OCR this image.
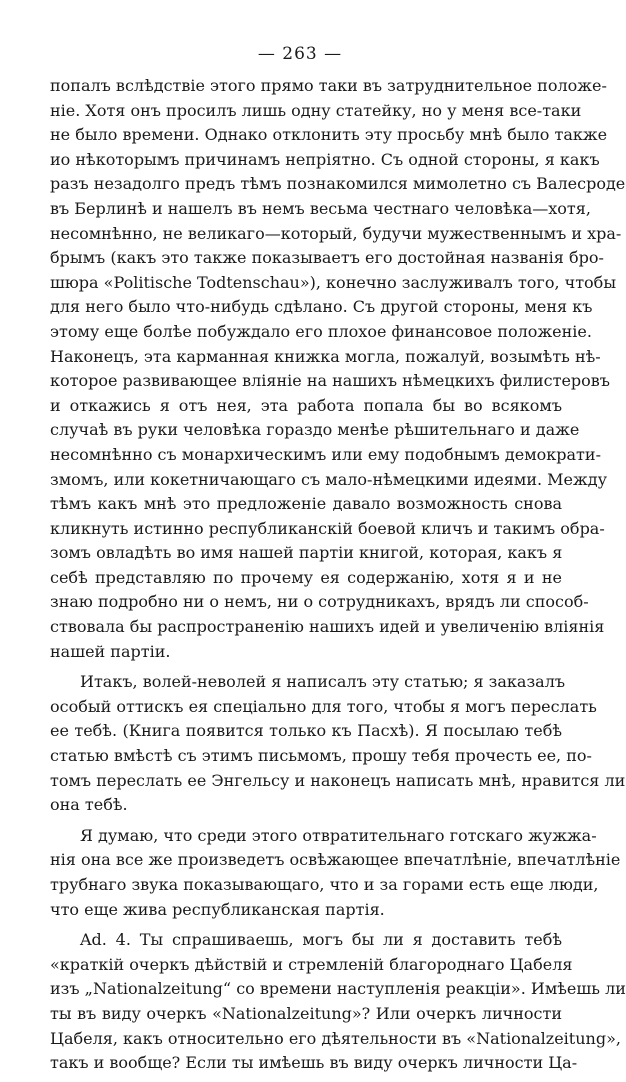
— 263 —
попалъ вслѣдствіе этого прямо таки въ затруднительное положе-
ніе. Хотя онъ просилъ лишь одну статейку, но у меня все-таки
не было времени. Однако отклонить эту просьбу мнѣ было также
ио нѣкоторымъ причинамъ непріятно. Съ одной стороны, я какъ
разъ незадолго предъ тѣмъ познакомился мимолетно съ Валесроде
въ Берлинѣ и нашелъ въ немъ весьма честнаго человѣка—хотя,
несомнѣнно, не великаго—который, будучи мужественнымъ и хра-
брымъ (какъ это также показываетъ его достойная названія бро-
шюра «Politische Todtenschau»), конечно заслуживалъ того, чтобы
для него было что-нибудь сдѣлано. Съ другой стороны, меня къ
этому еще болѣе побуждало его плохое финансовое положеніе.
Наконецъ, эта карманная книжка могла, пожалуй, возымѣть нѣ-
которое развивающее вліяніе на нашихъ нѣмецкихъ филистеровъ
и откажись я отъ нея, эта работа попала бы во всякомъ
случаѣ въ руки человѣка гораздо менѣе рѣшительнаго и даже
несомнѣнно съ монархическимъ или ему подобнымъ демократи-
змомъ, или кокетничающаго съ мало-нѣмецкими идеями. Между
тѣмъ какъ мнѣ это предложеніе давало возможность снова
кликнуть истинно республиканскій боевой кличъ и такимъ обра-
зомъ овладѣть во имя нашей партіи книгой, которая, какъ я
себѣ представляю по прочему ея содержанію, хотя я и не
знаю подробно ни о немъ, ни о сотрудникахъ, врядъ ли способ-
ствовала бы распространенію нашихъ идей и увеличенію вліянія
нашей партіи.
Итакъ, волей-неволей я написалъ эту статью; я заказалъ
особый оттискъ ея спеціально для того, чтобы я могъ переслать
ее тебѣ. (Книга появится только къ Пасхѣ). Я посылаю тебѣ
статью вмѣстѣ съ этимъ письмомъ, прошу тебя прочесть ее, по-
томъ переслать ее Энгельсу и наконецъ написать мнѣ, нравится ли
она тебѣ.
Я думаю, что среди этого отвратительнаго готскаго жужжа-
нія она все же произведетъ освѣжающее впечатлѣніе, впечатлѣніе
трубнаго звука показывающаго, что и за горами есть еще люди,
что еще жива республиканская партія.
Ad. 4. Ты спрашиваешь, могъ бы ли я доставить тебѣ
«краткій очеркъ дѣйствій и стремленій благороднаго Цабеля
изъ „Nationalzeitung“ со времени наступленія реакціи». Имѣешь ли
ты въ виду очеркъ «Nationalzeitung»? Или очеркъ личности
Цабеля, какъ относительно его дѣятельности въ «Nationalzeitung»,
такъ и вообще? Если ты имѣешь въ виду очеркъ личности Ца-
